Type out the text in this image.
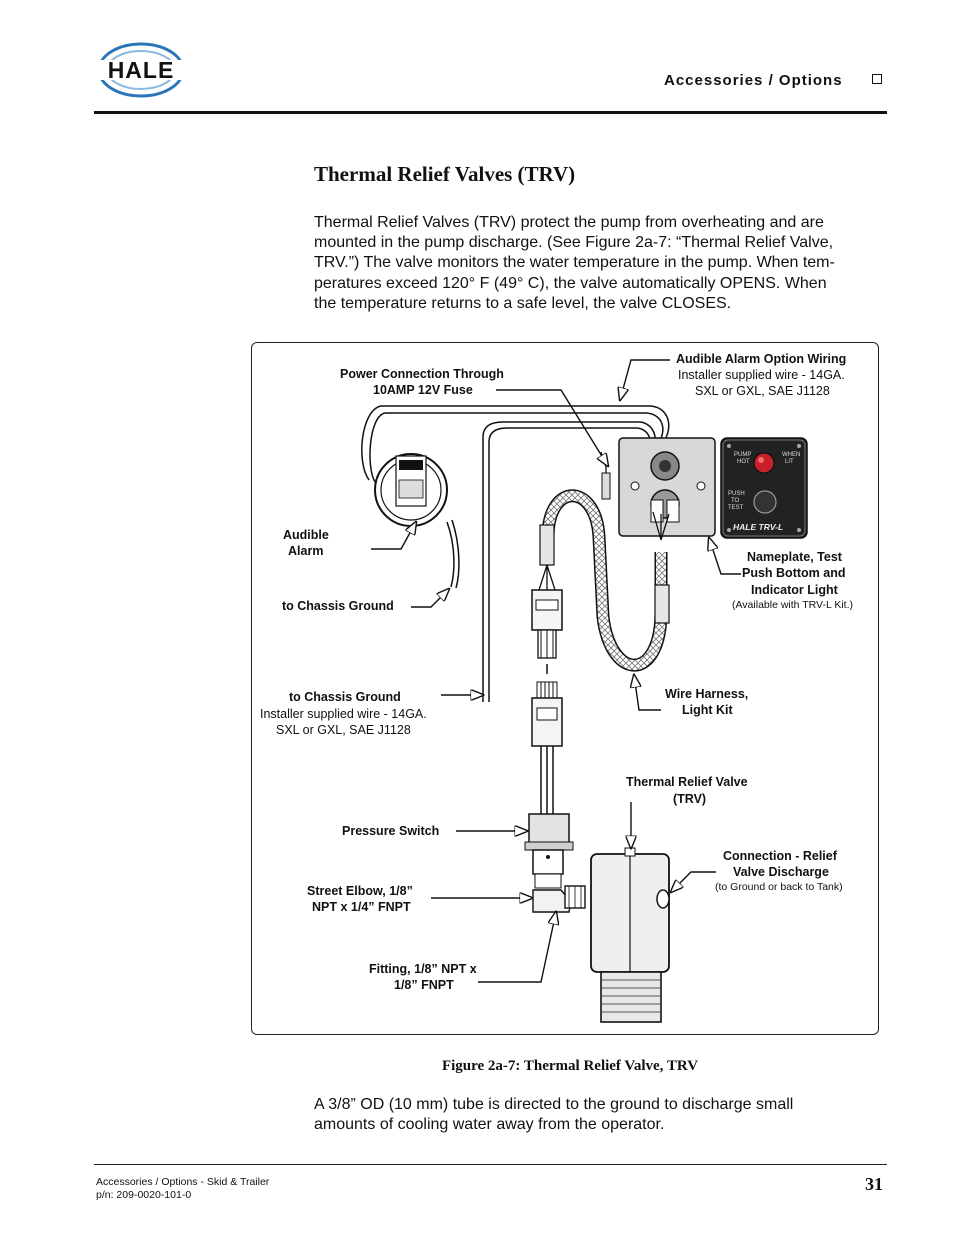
HALE	Accessories / Options
Thermal Relief Valves (TRV)

Thermal Relief Valves (TRV) protect the pump from overheating and are
mounted in the pump discharge. (See Figure 2a-7: “Thermal Relief Valve,
TRV.”) The valve monitors the water temperature in the pump. When tem-
peratures exceed 120° F (49° C), the valve automatically OPENS. When
the temperature returns to a safe level, the valve CLOSES.

PUMP
HOT
WHEN
LIT
PUSH
TO
TEST
HALE TRV-L
Power Connection Through
10AMP 12V Fuse
Audible Alarm Option Wiring
Installer supplied wire - 14GA.
SXL or GXL, SAE J1128
Audible
Alarm
to Chassis Ground
Nameplate, Test
Push Bottom and
Indicator Light
(Available with TRV-L Kit.)
to Chassis Ground
Installer supplied wire - 14GA.
SXL or GXL, SAE J1128
Wire Harness,
Light Kit
Thermal Relief Valve
(TRV)
Pressure Switch
Connection - Relief
Valve Discharge
(to Ground or back to Tank)
Street Elbow, 1/8”
NPT x 1/4” FNPT
Fitting, 1/8” NPT x
1/8” FNPT
Figure 2a-7: Thermal Relief Valve, TRV

A 3/8” OD (10 mm) tube is directed to the ground to discharge small
amounts of cooling water away from the operator.

Accessories / Options - Skid & Trailer
p/n: 209-0020-101-0
31
